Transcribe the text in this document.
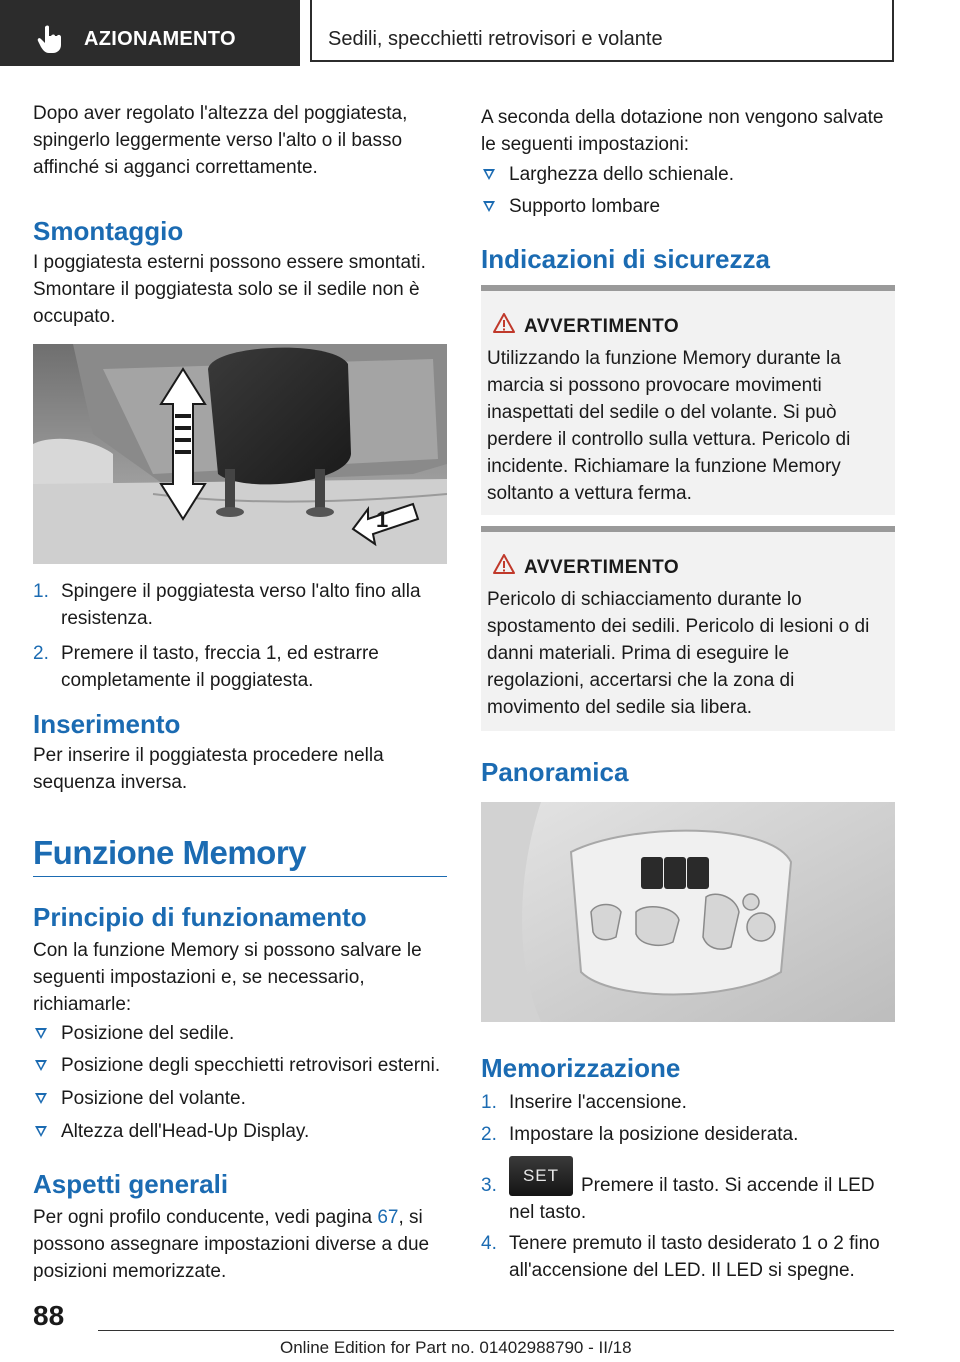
AZIONAMENTO	Sedili, specchietti retrovisori e volante

Dopo aver regolato l'altezza del poggiatesta, spingerlo leggermente verso l'alto o il basso affinché si agganci correttamente.

Smontaggio

I poggiatesta esterni possono essere smontati. Smontare il poggiatesta solo se il sedile non è occupato.

1
1. Spingere il poggiatesta verso l'alto fino alla resistenza.
2. Premere il tasto, freccia 1, ed estrarre completamente il poggiatesta.
Inserimento

Per inserire il poggiatesta procedere nella sequenza inversa.

Funzione Memory
Principio di funzionamento

Con la funzione Memory si possono salvare le seguenti impostazioni e, se necessario, richiamarle:

Posizione del sedile.
Posizione degli specchietti retrovisori esterni.
Posizione del volante.
Altezza dell'Head-Up Display.
Aspetti generali

Per ogni profilo conducente, vedi pagina 67, si possono assegnare impostazioni diverse a due posizioni memorizzate.

A seconda della dotazione non vengono salvate le seguenti impostazioni:

Larghezza dello schienale.
Supporto lombare
Indicazioni di sicurezza
AVVERTIMENTO
Utilizzando la funzione Memory durante la marcia si possono provocare movimenti inaspettati del sedile o del volante. Si può perdere il controllo sulla vettura. Pericolo di incidente. Richiamare la funzione Memory soltanto a vettura ferma.
AVVERTIMENTO
Pericolo di schiacciamento durante lo spostamento dei sedili. Pericolo di lesioni o di danni materiali. Prima di eseguire le regolazioni, accertarsi che la zona di movimento del sedile sia libera.
Panoramica
Memorizzazione
1. Inserire l'accensione.
2. Impostare la posizione desiderata.
3.	SET	Premere il tasto. Si accende il LED nel tasto.
4. Tenere premuto il tasto desiderato 1 o 2 fino all'accensione del LED. Il LED si spegne.
88
Online Edition for Part no. 01402988790 - II/18
